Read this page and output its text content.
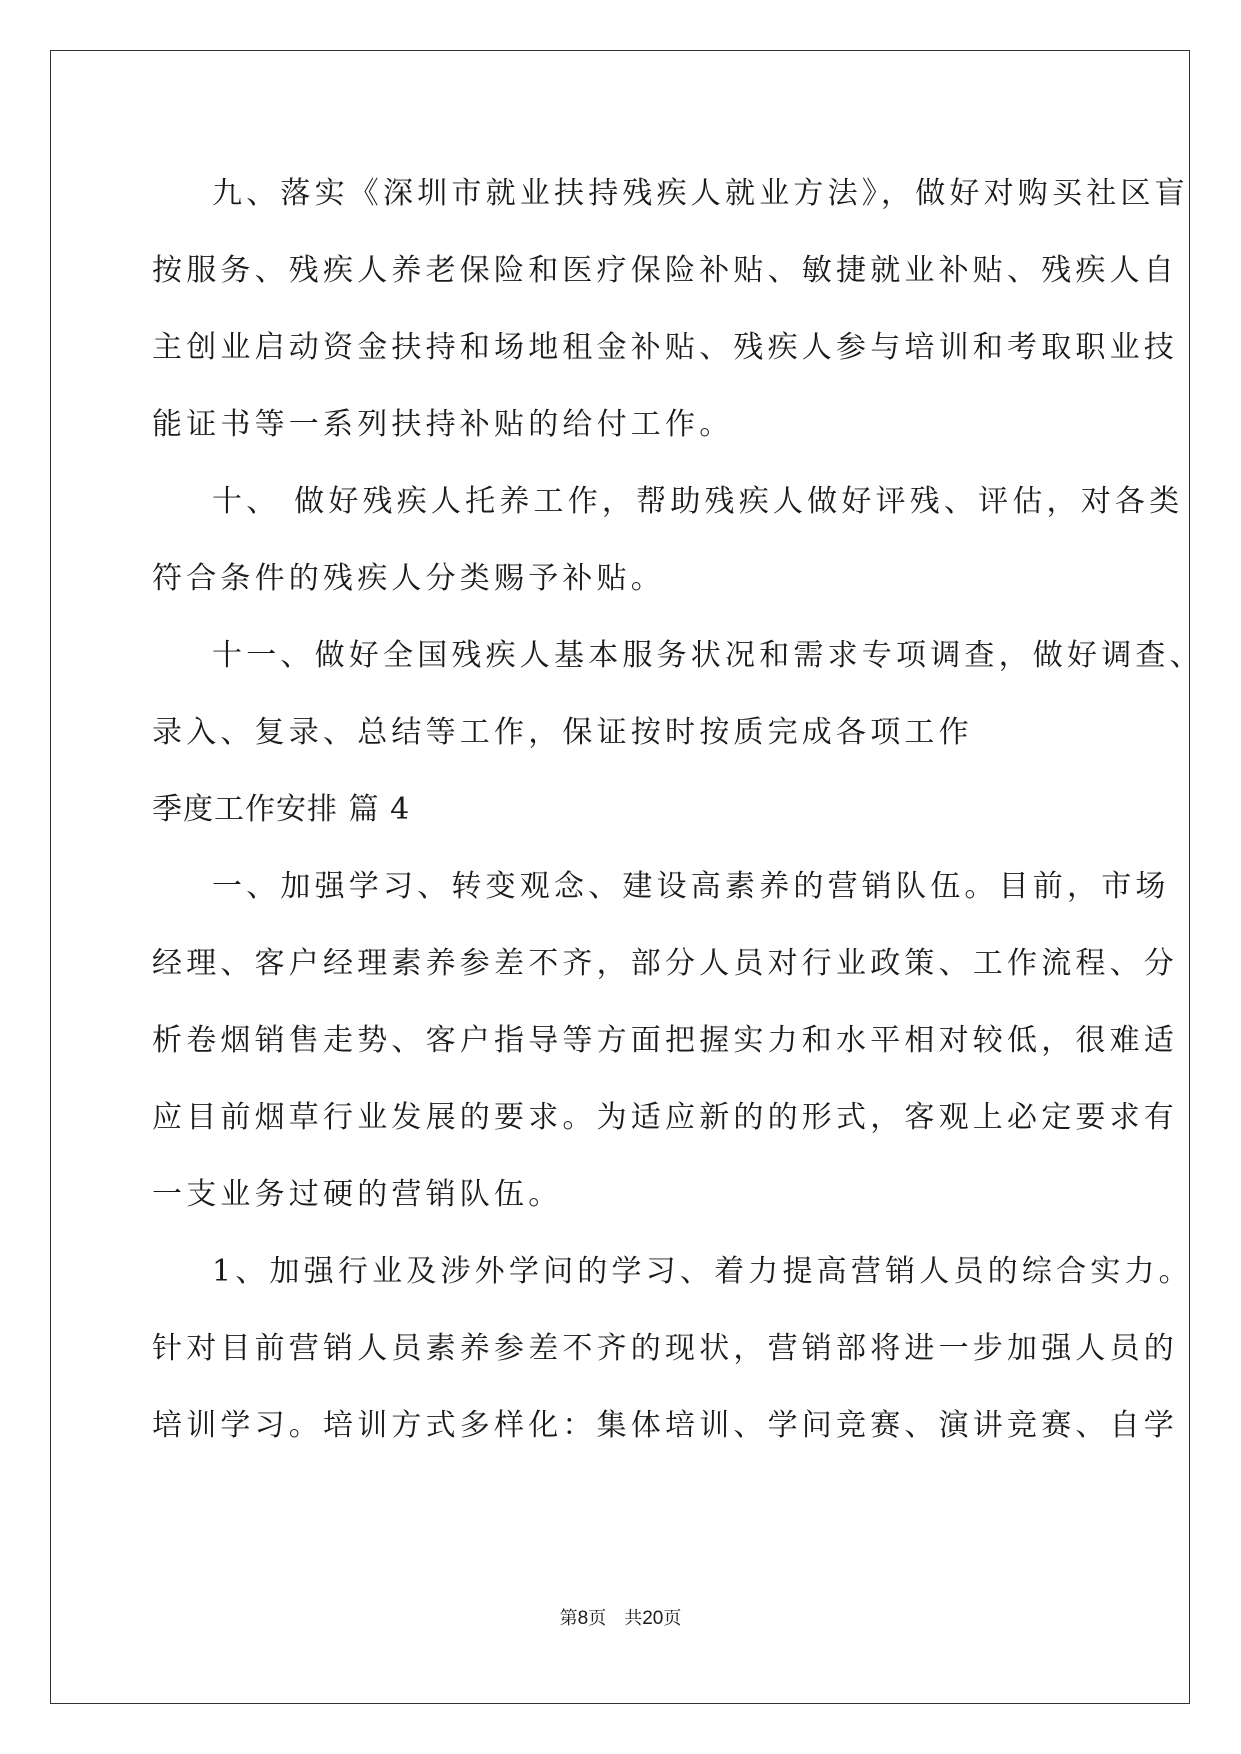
九、落实《深圳市就业扶持残疾人就业方法》，做好对购买社区盲
按服务、残疾人养老保险和医疗保险补贴、敏捷就业补贴、残疾人自
主创业启动资金扶持和场地租金补贴、残疾人参与培训和考取职业技
能证书等一系列扶持补贴的给付工作。
十、 做好残疾人托养工作，帮助残疾人做好评残、评估，对各类
符合条件的残疾人分类赐予补贴。
十一、做好全国残疾人基本服务状况和需求专项调查，做好调查、
录入、复录、总结等工作，保证按时按质完成各项工作
季度工作安排 篇 4
一、加强学习、转变观念、建设高素养的营销队伍。目前，市场
经理、客户经理素养参差不齐，部分人员对行业政策、工作流程、分
析卷烟销售走势、客户指导等方面把握实力和水平相对较低，很难适
应目前烟草行业发展的要求。为适应新的的形式，客观上必定要求有
一支业务过硬的营销队伍。
1、加强行业及涉外学问的学习、着力提高营销人员的综合实力。
针对目前营销人员素养参差不齐的现状，营销部将进一步加强人员的
培训学习。培训方式多样化：集体培训、学问竞赛、演讲竞赛、自学
第8页 共20页
